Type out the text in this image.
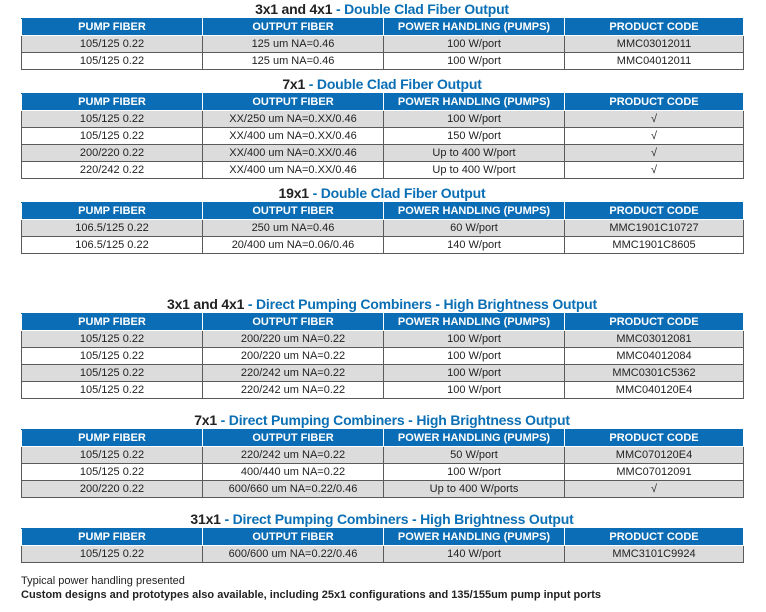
3x1 and 4x1 - Double Clad Fiber Output
PUMP FIBER	OUTPUT FIBER	POWER HANDLING (PUMPS)	PRODUCT CODE
105/125 0.22	125 um NA=0.46	100 W/port	MMC03012011
105/125 0.22	125 um NA=0.46	100 W/port	MMC04012011
7x1 - Double Clad Fiber Output
PUMP FIBER	OUTPUT FIBER	POWER HANDLING (PUMPS)	PRODUCT CODE
105/125 0.22	XX/250 um NA=0.XX/0.46	100 W/port	√
105/125 0.22	XX/400 um NA=0.XX/0.46	150 W/port	√
200/220 0.22	XX/400 um NA=0.XX/0.46	Up to 400 W/port	√
220/242 0.22	XX/400 um NA=0.XX/0.46	Up to 400 W/port	√
19x1 - Double Clad Fiber Output
PUMP FIBER	OUTPUT FIBER	POWER HANDLING (PUMPS)	PRODUCT CODE
106.5/125 0.22	250 um NA=0.46	60 W/port	MMC1901C10727
106.5/125 0.22	20/400 um NA=0.06/0.46	140 W/port	MMC1901C8605
3x1 and 4x1 - Direct Pumping Combiners - High Brightness Output
PUMP FIBER	OUTPUT FIBER	POWER HANDLING (PUMPS)	PRODUCT CODE
105/125 0.22	200/220 um NA=0.22	100 W/port	MMC03012081
105/125 0.22	200/220 um NA=0.22	100 W/port	MMC04012084
105/125 0.22	220/242 um NA=0.22	100 W/port	MMC0301C5362
105/125 0.22	220/242 um NA=0.22	100 W/port	MMC040120E4
7x1 - Direct Pumping Combiners - High Brightness Output
PUMP FIBER	OUTPUT FIBER	POWER HANDLING (PUMPS)	PRODUCT CODE
105/125 0.22	220/242 um NA=0.22	50 W/port	MMC070120E4
105/125 0.22	400/440 um NA=0.22	100 W/port	MMC07012091
200/220 0.22	600/660 um NA=0.22/0.46	Up to 400 W/ports	√
31x1 - Direct Pumping Combiners - High Brightness Output
PUMP FIBER	OUTPUT FIBER	POWER HANDLING (PUMPS)	PRODUCT CODE
105/125 0.22	600/600 um NA=0.22/0.46	140 W/port	MMC3101C9924
Typical power handling presented
Custom designs and prototypes also available, including 25x1 configurations and 135/155um pump input ports
